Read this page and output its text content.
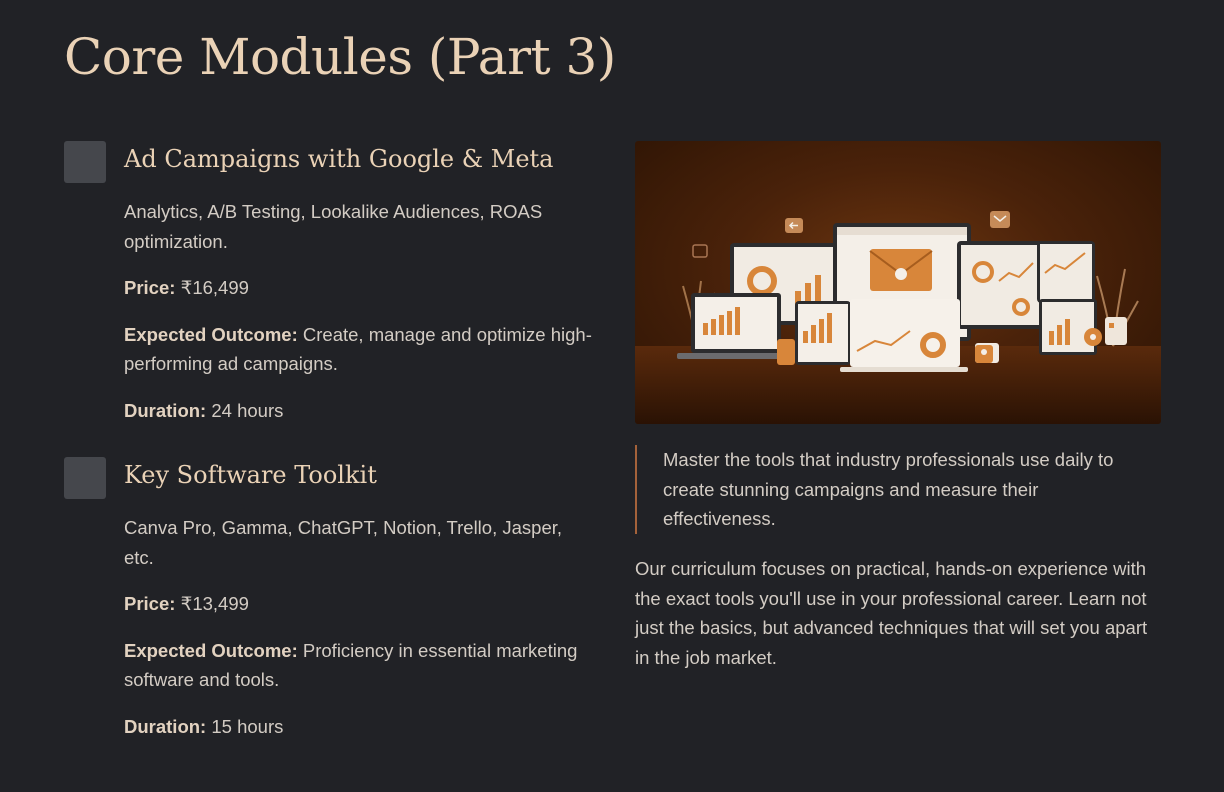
Core Modules (Part 3)
Ad Campaigns with Google & Meta

Analytics, A/B Testing, Lookalike Audiences, ROAS optimization.

Price: ₹16,499

Expected Outcome: Create, manage and optimize high-performing ad campaigns.

Duration: 24 hours

Key Software Toolkit

Canva Pro, Gamma, ChatGPT, Notion, Trello, Jasper, etc.

Price: ₹13,499

Expected Outcome: Proficiency in essential marketing software and tools.

Duration: 15 hours

Master the tools that industry professionals use daily to create stunning campaigns and measure their effectiveness.

Our curriculum focuses on practical, hands-on experience with the exact tools you'll use in your professional career. Learn not just the basics, but advanced techniques that will set you apart in the job market.
